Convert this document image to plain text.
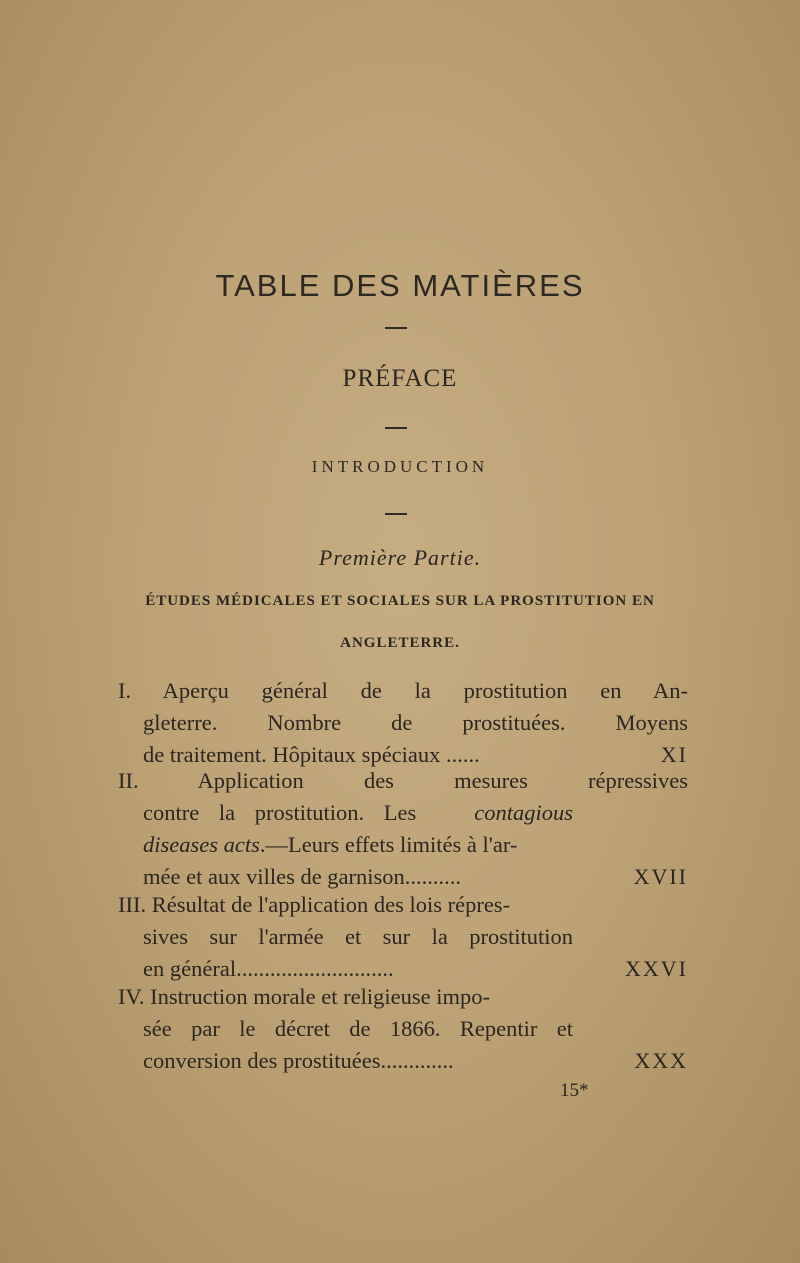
TABLE DES MATIÈRES
PRÉFACE
INTRODUCTION
Première Partie.
ÉTUDES MÉDICALES ET SOCIALES SUR LA PROSTITUTION EN
ANGLETERRE.
I. Aperçu général de la prostitution en An-
gleterre. Nombre de prostituées. Moyens
de traitement. Hôpitaux spéciaux ......	XI
II. Application des mesures répressives
contre la prostitution. Les	contagious
diseases acts.—Leurs effets limités à l'ar-
mée et aux villes de garnison..........	XVII
III. Résultat de l'application des lois répres-
sives sur l'armée et sur la prostitution
en général............................	XXVI
IV. Instruction morale et religieuse impo-
sée par le décret de 1866. Repentir et
conversion des prostituées.............	XXX
15*
